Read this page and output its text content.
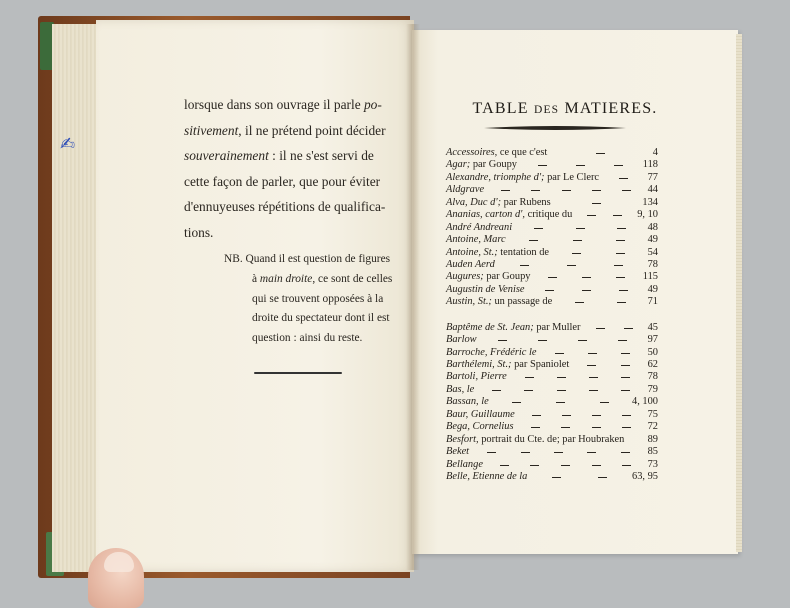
✍
lorsque dans son ouvrage il parle po-
sitivement, il ne prétend point décider
souverainement : il ne s'est servi de
cette façon de parler, que pour éviter
d'ennuyeuses répétitions de qualifica-
tions.
NB. Quand il est question de figures
à main droite, ce sont de celles
qui se trouvent opposées à la
droite du spectateur dont il est
question : ainsi du reste.
TABLE DES MATIERES.
Accessoires, ce que c'est	4
Agar; par Goupy	118
Alexandre, triomphe d'; par Le Clerc	77
Aldgrave	44
Alva, Duc d'; par Rubens	134
Ananias, carton d', critique du	9, 10
André Andreani	48
Antoine, Marc	49
Antoine, St.; tentation de	54
Auden Aerd	78
Augures; par Goupy	115
Augustin de Venise	49
Austin, St.; un passage de	71
Baptême de St. Jean; par Muller	45
Barlow	97
Barroche, Frédéric le	50
Barthélemi, St.; par Spaniolet	62
Bartoli, Pierre	78
Bas, le	79
Bassan, le	4, 100
Baur, Guillaume	75
Bega, Cornelius	72
Besfort, portrait du Cte. de; par Houbraken 89
Beket	85
Bellange	73
Belle, Etienne de la	63, 95
